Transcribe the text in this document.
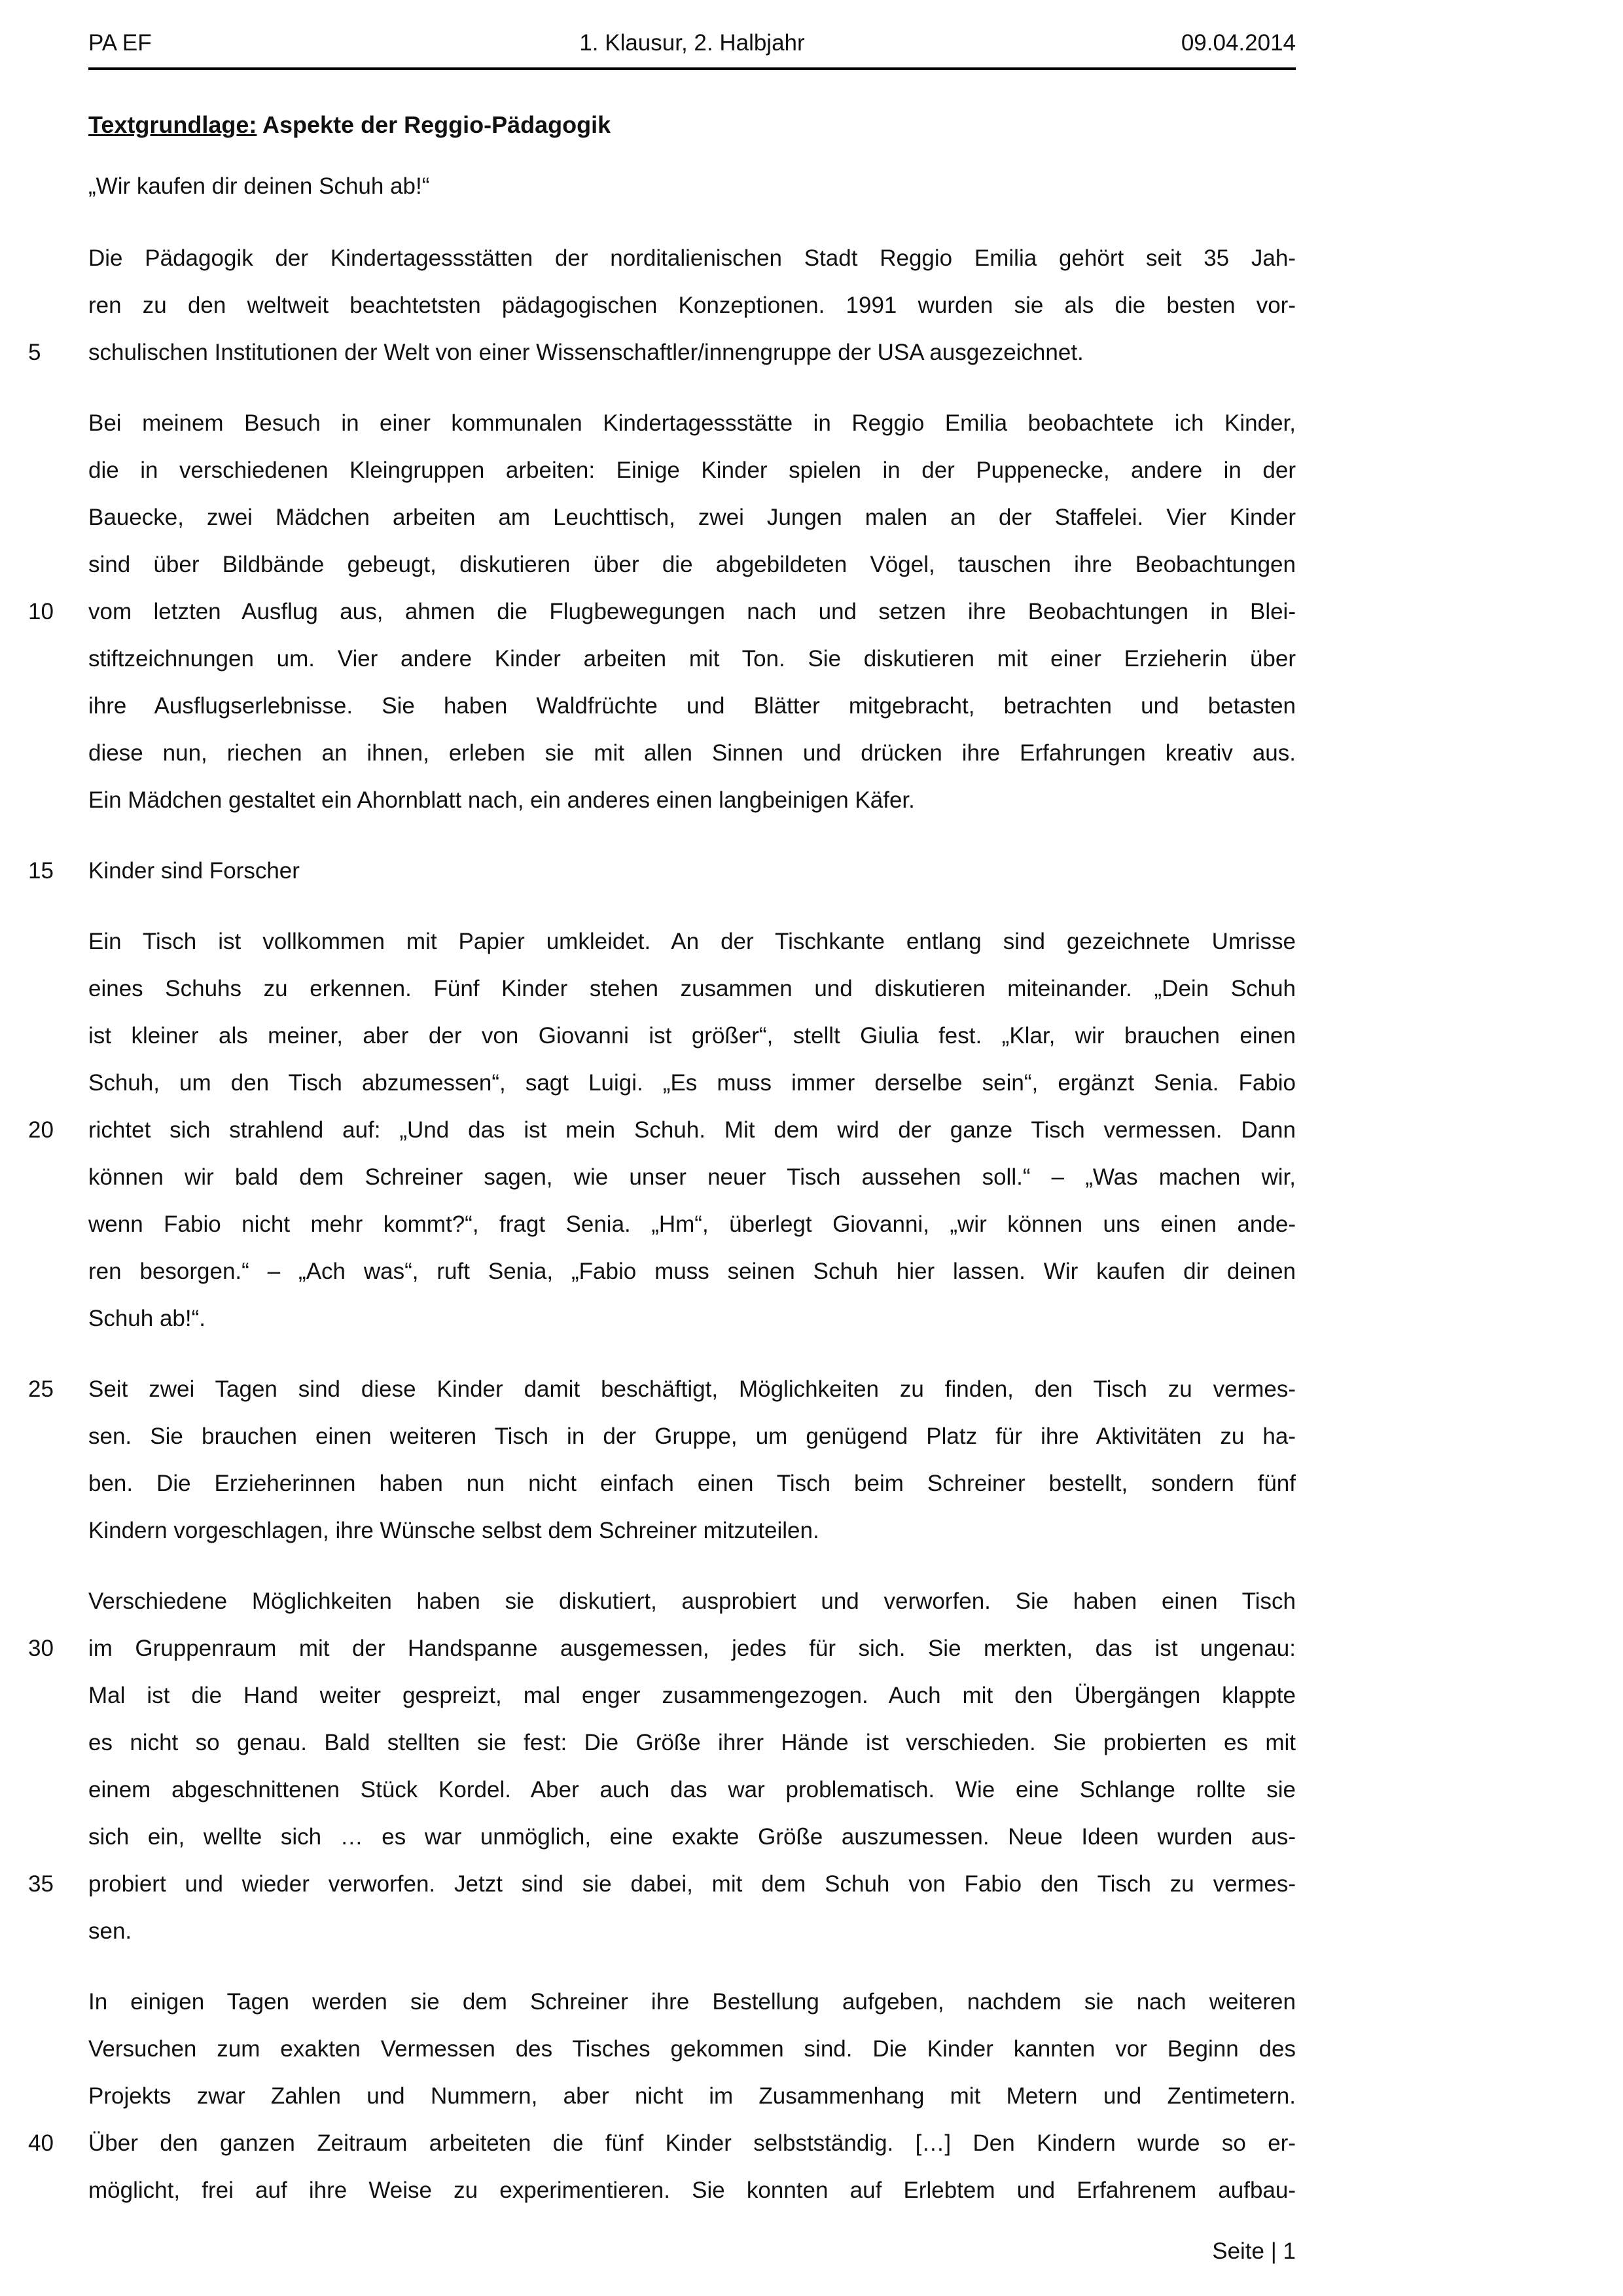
PA EF	1. Klausur, 2. Halbjahr	09.04.2014
Textgrundlage: Aspekte der Reggio-Pädagogik
„Wir kaufen dir deinen Schuh ab!“
Die Pädagogik der Kindertagessstätten der norditalienischen Stadt Reggio Emilia gehört seit 35 Jah-
ren zu den weltweit beachtetsten pädagogischen Konzeptionen. 1991 wurden sie als die besten vor-
5	schulischen Institutionen der Welt von einer Wissenschaftler/innengruppe der USA ausgezeichnet.
Bei meinem Besuch in einer kommunalen Kindertagessstätte in Reggio Emilia beobachtete ich Kinder,
die in verschiedenen Kleingruppen arbeiten: Einige Kinder spielen in der Puppenecke, andere in der
Bauecke, zwei Mädchen arbeiten am Leuchttisch, zwei Jungen malen an der Staffelei. Vier Kinder
sind über Bildbände gebeugt, diskutieren über die abgebildeten Vögel, tauschen ihre Beobachtungen
10	vom letzten Ausflug aus, ahmen die Flugbewegungen nach und setzen ihre Beobachtungen in Blei-
stiftzeichnungen um. Vier andere Kinder arbeiten mit Ton. Sie diskutieren mit einer Erzieherin über
ihre Ausflugserlebnisse. Sie haben Waldfrüchte und Blätter mitgebracht, betrachten und betasten
diese nun, riechen an ihnen, erleben sie mit allen Sinnen und drücken ihre Erfahrungen kreativ aus.
Ein Mädchen gestaltet ein Ahornblatt nach, ein anderes einen langbeinigen Käfer.
15	Kinder sind Forscher
Ein Tisch ist vollkommen mit Papier umkleidet. An der Tischkante entlang sind gezeichnete Umrisse
eines Schuhs zu erkennen. Fünf Kinder stehen zusammen und diskutieren miteinander. „Dein Schuh
ist kleiner als meiner, aber der von Giovanni ist größer“, stellt Giulia fest. „Klar, wir brauchen einen
Schuh, um den Tisch abzumessen“, sagt Luigi. „Es muss immer derselbe sein“, ergänzt Senia. Fabio
20	richtet sich strahlend auf: „Und das ist mein Schuh. Mit dem wird der ganze Tisch vermessen. Dann
können wir bald dem Schreiner sagen, wie unser neuer Tisch aussehen soll.“ – „Was machen wir,
wenn Fabio nicht mehr kommt?“, fragt Senia. „Hm“, überlegt Giovanni, „wir können uns einen ande-
ren besorgen.“ – „Ach was“, ruft Senia, „Fabio muss seinen Schuh hier lassen. Wir kaufen dir deinen
Schuh ab!“.
25	Seit zwei Tagen sind diese Kinder damit beschäftigt, Möglichkeiten zu finden, den Tisch zu vermes-
sen. Sie brauchen einen weiteren Tisch in der Gruppe, um genügend Platz für ihre Aktivitäten zu ha-
ben. Die Erzieherinnen haben nun nicht einfach einen Tisch beim Schreiner bestellt, sondern fünf
Kindern vorgeschlagen, ihre Wünsche selbst dem Schreiner mitzuteilen.
Verschiedene Möglichkeiten haben sie diskutiert, ausprobiert und verworfen. Sie haben einen Tisch
30	im Gruppenraum mit der Handspanne ausgemessen, jedes für sich. Sie merkten, das ist ungenau:
Mal ist die Hand weiter gespreizt, mal enger zusammengezogen. Auch mit den Übergängen klappte
es nicht so genau. Bald stellten sie fest: Die Größe ihrer Hände ist verschieden. Sie probierten es mit
einem abgeschnittenen Stück Kordel. Aber auch das war problematisch. Wie eine Schlange rollte sie
sich ein, wellte sich … es war unmöglich, eine exakte Größe auszumessen. Neue Ideen wurden aus-
35	probiert und wieder verworfen. Jetzt sind sie dabei, mit dem Schuh von Fabio den Tisch zu vermes-
sen.
In einigen Tagen werden sie dem Schreiner ihre Bestellung aufgeben, nachdem sie nach weiteren
Versuchen zum exakten Vermessen des Tisches gekommen sind. Die Kinder kannten vor Beginn des
Projekts zwar Zahlen und Nummern, aber nicht im Zusammenhang mit Metern und Zentimetern.
40	Über den ganzen Zeitraum arbeiteten die fünf Kinder selbstständig. […] Den Kindern wurde so er-
möglicht, frei auf ihre Weise zu experimentieren. Sie konnten auf Erlebtem und Erfahrenem aufbau-
Seite | 1
